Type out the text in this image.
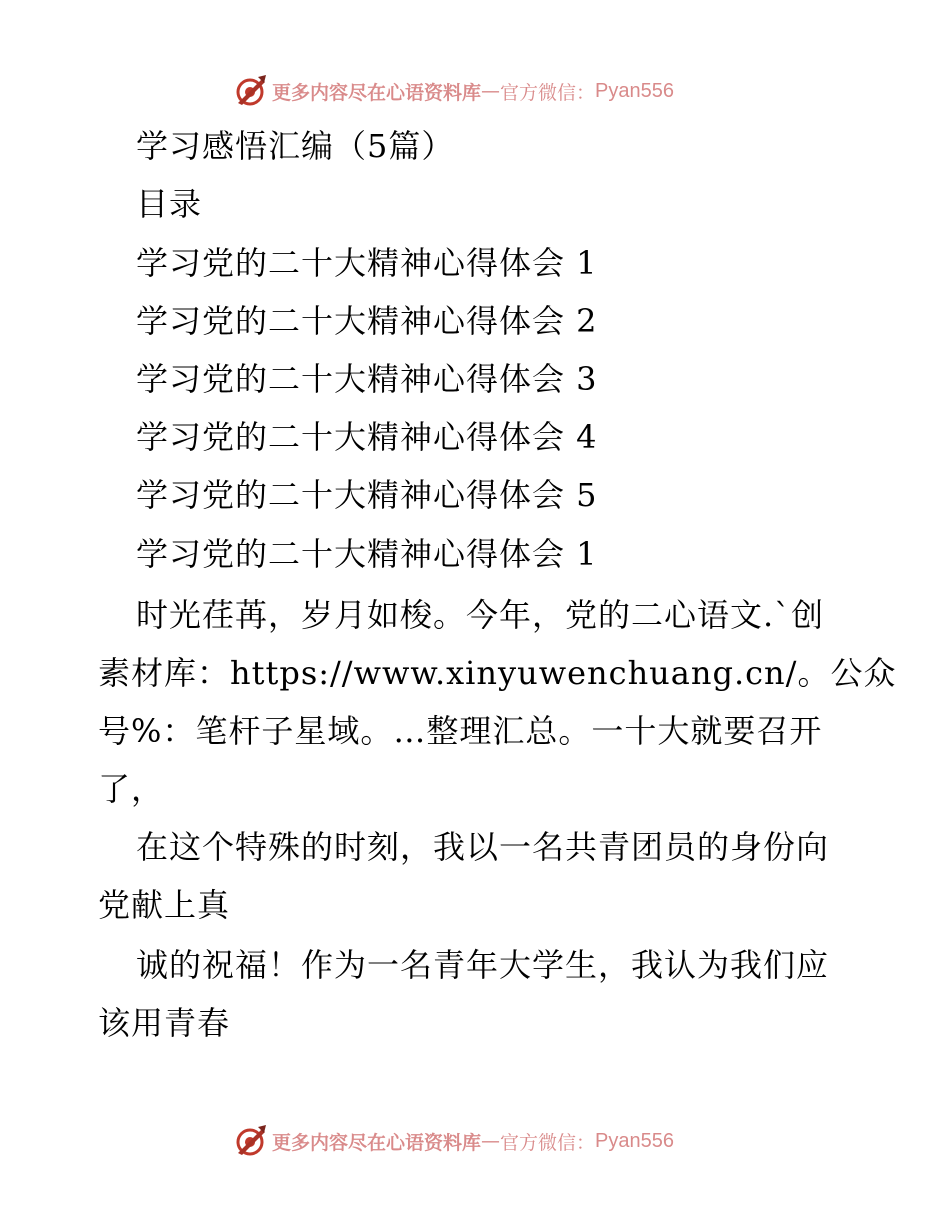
更多内容尽在心语资料库 — 官方微信： Pyan556
学习感悟汇编（5篇）
目录
学习党的二十大精神心得体会 1
学习党的二十大精神心得体会 2
学习党的二十大精神心得体会 3
学习党的二十大精神心得体会 4
学习党的二十大精神心得体会 5
学习党的二十大精神心得体会 1
时光荏苒，岁月如梭。今年，党的二心语文.`创
素材库：https://www.xinyuwenchuang.cn/。公众
号%：笔杆子星域。…整理汇总。一十大就要召开
了，
在这个特殊的时刻，我以一名共青团员的身份向
党献上真
诚的祝福！作为一名青年大学生，我认为我们应
该用青春
更多内容尽在心语资料库 — 官方微信： Pyan556
